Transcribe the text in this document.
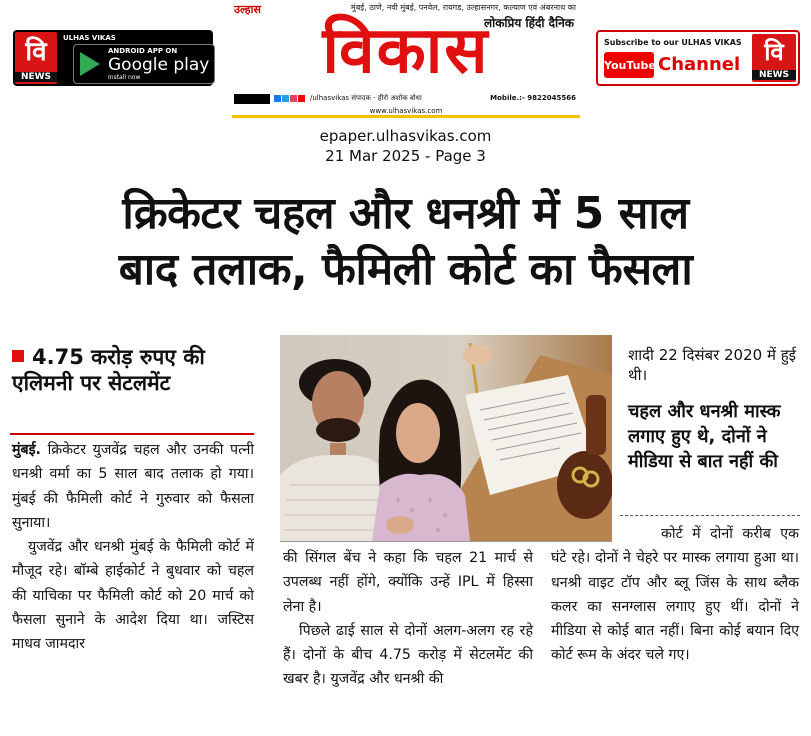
वि
NEWS
ULHAS VIKAS
ANDROID APP ON
Google play
Install now
उल्हास	मुंबई, ठाणे, नवी मुंबई, पनवेल, रायगड, उल्हासनगर, कल्याण एवं अंबरनाथ का
लोकप्रिय हिंदी दैनिक
विकास
/ulhasvikas संपादक - हीरो अशोक बोधा	Mobile.:- 9822045566
www.ulhasvikas.com
Subscribe to our ULHAS VIKAS
YouTube Channel	वि
NEWS
epaper.ulhasvikas.com
21 Mar 2025 - Page 3
क्रिकेटर चहल और धनश्री में 5 साल
बाद तलाक, फैमिली कोर्ट का फैसला
4.75 करोड़ रुपए की एलिमनी पर सेटलमेंट

मुंबई. क्रिकेटर युजवेंद्र चहल और उनकी पत्नी धनश्री वर्मा का 5 साल बाद तलाक हो गया। मुंबई की फैमिली कोर्ट ने गुरुवार को फैसला सुनाया।

युजवेंद्र और धनश्री मुंबई के फैमिली कोर्ट में मौजूद रहे। बॉम्बे हाईकोर्ट ने बुधवार को चहल की याचिका पर फैमिली कोर्ट को 20 मार्च को फैसला सुनाने के आदेश दिया था। जस्टिस माधव जामदार

शादी 22 दिसंबर 2020 में हुई थी।
चहल और धनश्री मास्क लगाए हुए थे, दोनों ने मीडिया से बात नहीं की

की सिंगल बेंच ने कहा कि चहल 21 मार्च से उपलब्ध नहीं होंगे, क्योंकि उन्हें IPL में हिस्सा लेना है।

पिछले ढाई साल से दोनों अलग-अलग रह रहे हैं। दोनों के बीच 4.75 करोड़ में सेटलमेंट की खबर है। युजवेंद्र और धनश्री की

कोर्ट में दोनों करीब एक घंटे रहे। दोनों ने चेहरे पर मास्क लगाया हुआ था। धनश्री वाइट टॉप और ब्लू जिंस के साथ ब्लैक कलर का सनग्लास लगाए हुए थीं। दोनों ने मीडिया से कोई बात नहीं। बिना कोई बयान दिए कोर्ट रूम के अंदर चले गए।
